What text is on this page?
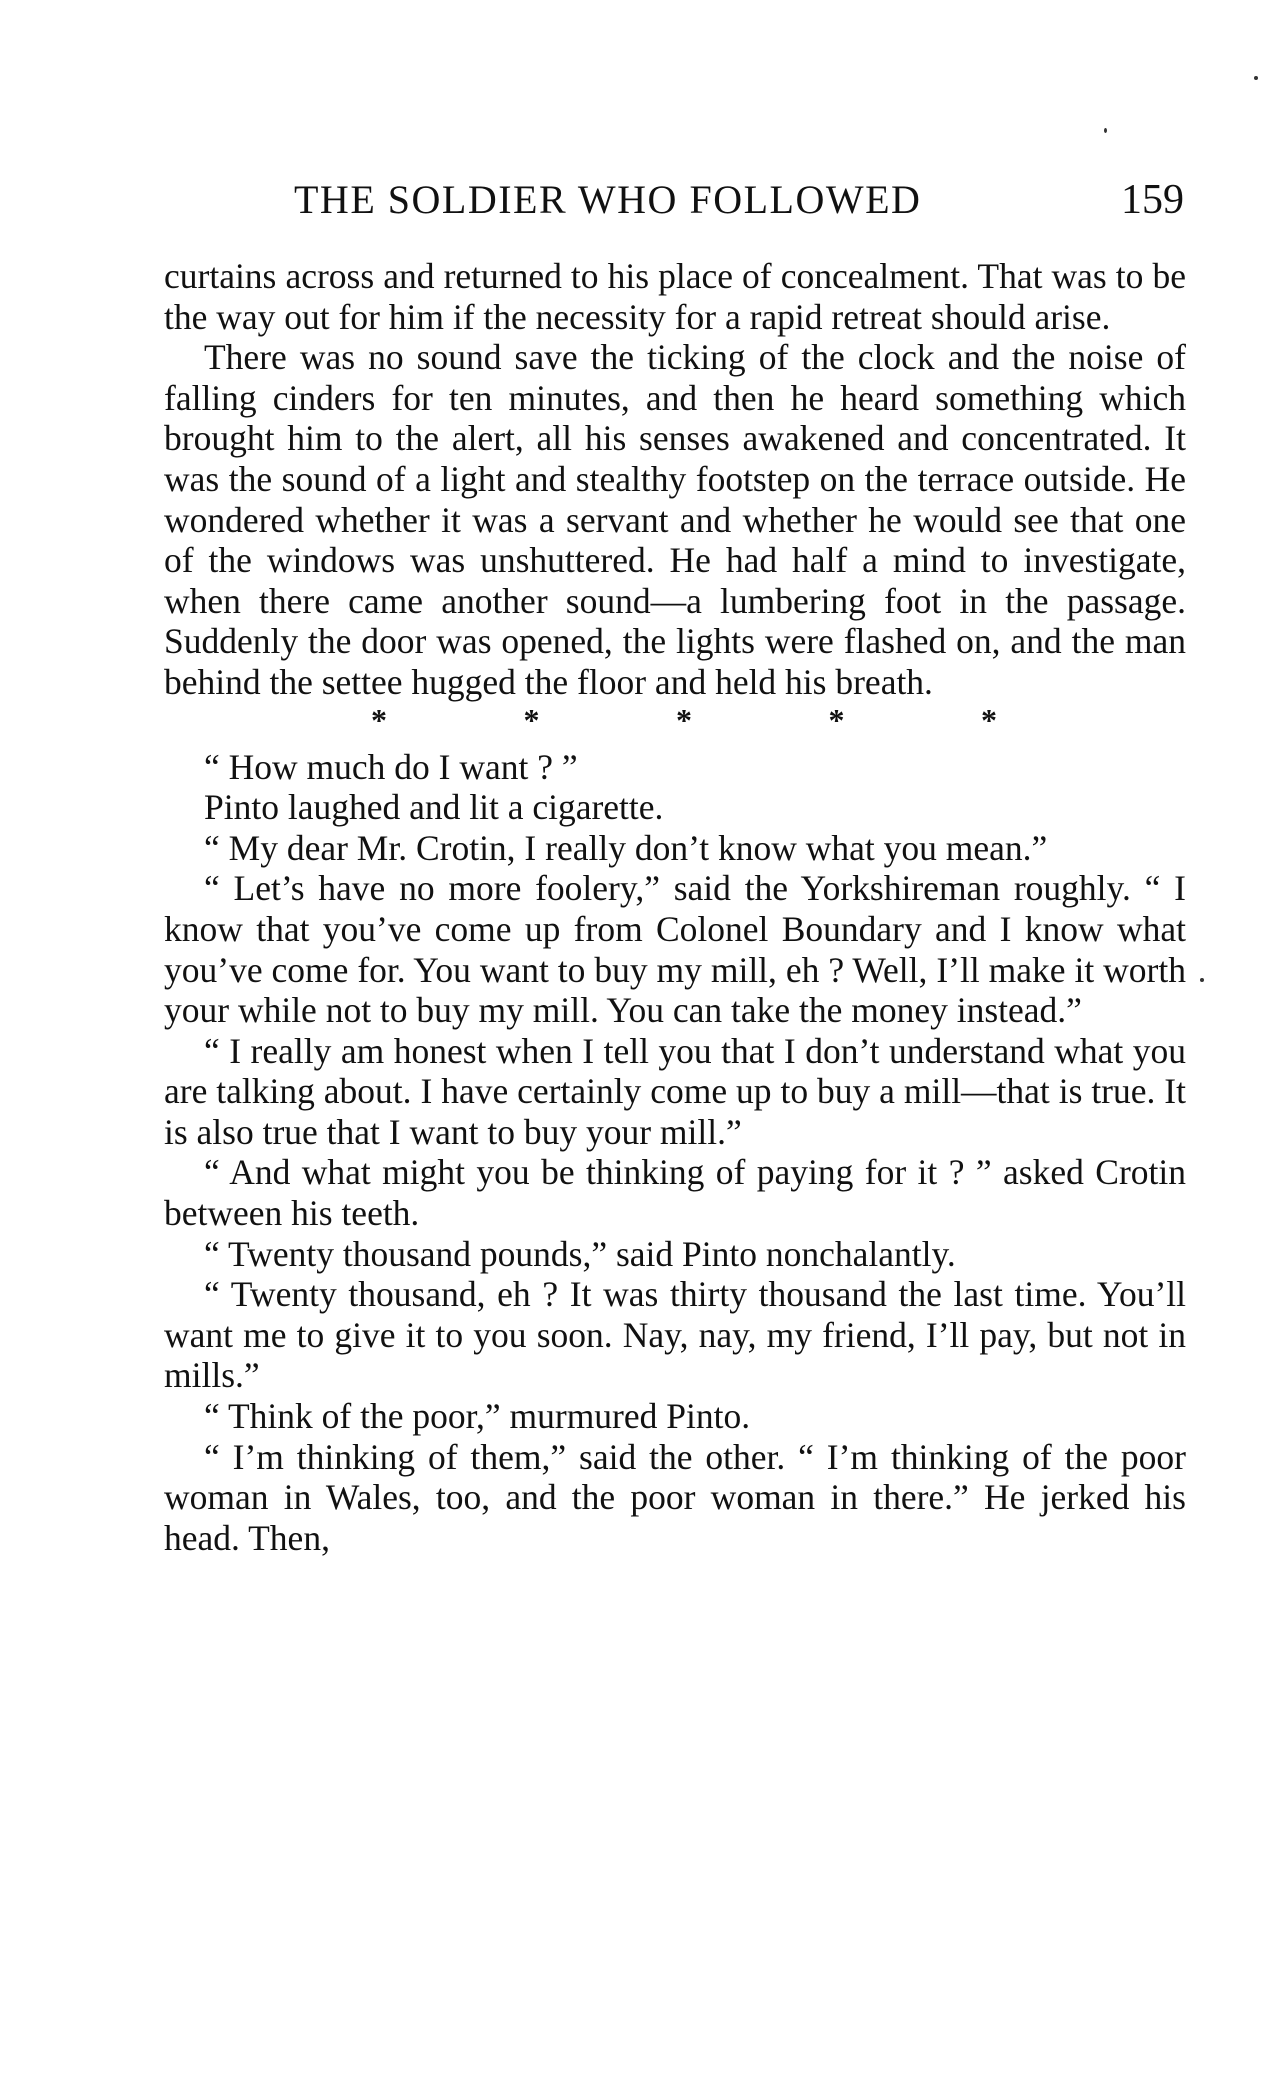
THE SOLDIER WHO FOLLOWED	159

curtains across and returned to his place of concealment. That was to be the way out for him if the necessity for a rapid retreat should arise.

There was no sound save the ticking of the clock and the noise of falling cinders for ten minutes, and then he heard something which brought him to the alert, all his senses awakened and concentrated. It was the sound of a light and stealthy footstep on the terrace outside. He wondered whether it was a servant and whether he would see that one of the windows was unshuttered. He had half a mind to investigate, when there came another sound—a lumbering foot in the passage. Suddenly the door was opened, the lights were flashed on, and the man behind the settee hugged the floor and held his breath.

*	*	*	*	*

“ How much do I want ? ”

Pinto laughed and lit a cigarette.

“ My dear Mr. Crotin, I really don’t know what you mean.”

“ Let’s have no more foolery,” said the Yorkshireman roughly. “ I know that you’ve come up from Colonel Boundary and I know what you’ve come for. You want to buy my mill, eh ? Well, I’ll make it worth your while not to buy my mill. You can take the money instead.”

“ I really am honest when I tell you that I don’t understand what you are talking about. I have certainly come up to buy a mill—that is true. It is also true that I want to buy your mill.”

“ And what might you be thinking of paying for it ? ” asked Crotin between his teeth.

“ Twenty thousand pounds,” said Pinto nonchalantly.

“ Twenty thousand, eh ? It was thirty thousand the last time. You’ll want me to give it to you soon. Nay, nay, my friend, I’ll pay, but not in mills.”

“ Think of the poor,” murmured Pinto.

“ I’m thinking of them,” said the other. “ I’m thinking of the poor woman in Wales, too, and the poor woman in there.” He jerked his head. Then,
